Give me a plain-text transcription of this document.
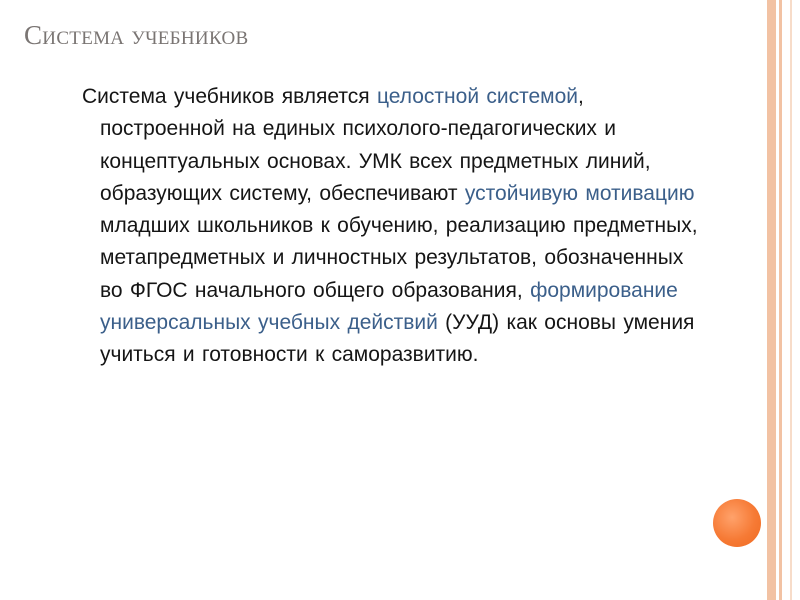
Система учебников

Система учебников является целостной системой, построенной на единых психолого-педагогических и концептуальных основах. УМК всех предметных линий, образующих систему, обеспечивают устойчивую мотивацию младших школьников к обучению, реализацию предметных, метапредметных и личностных результатов, обозначенных во ФГОС начального общего образования, формирование универсальных учебных действий (УУД) как основы умения учиться и готовности к саморазвитию.
